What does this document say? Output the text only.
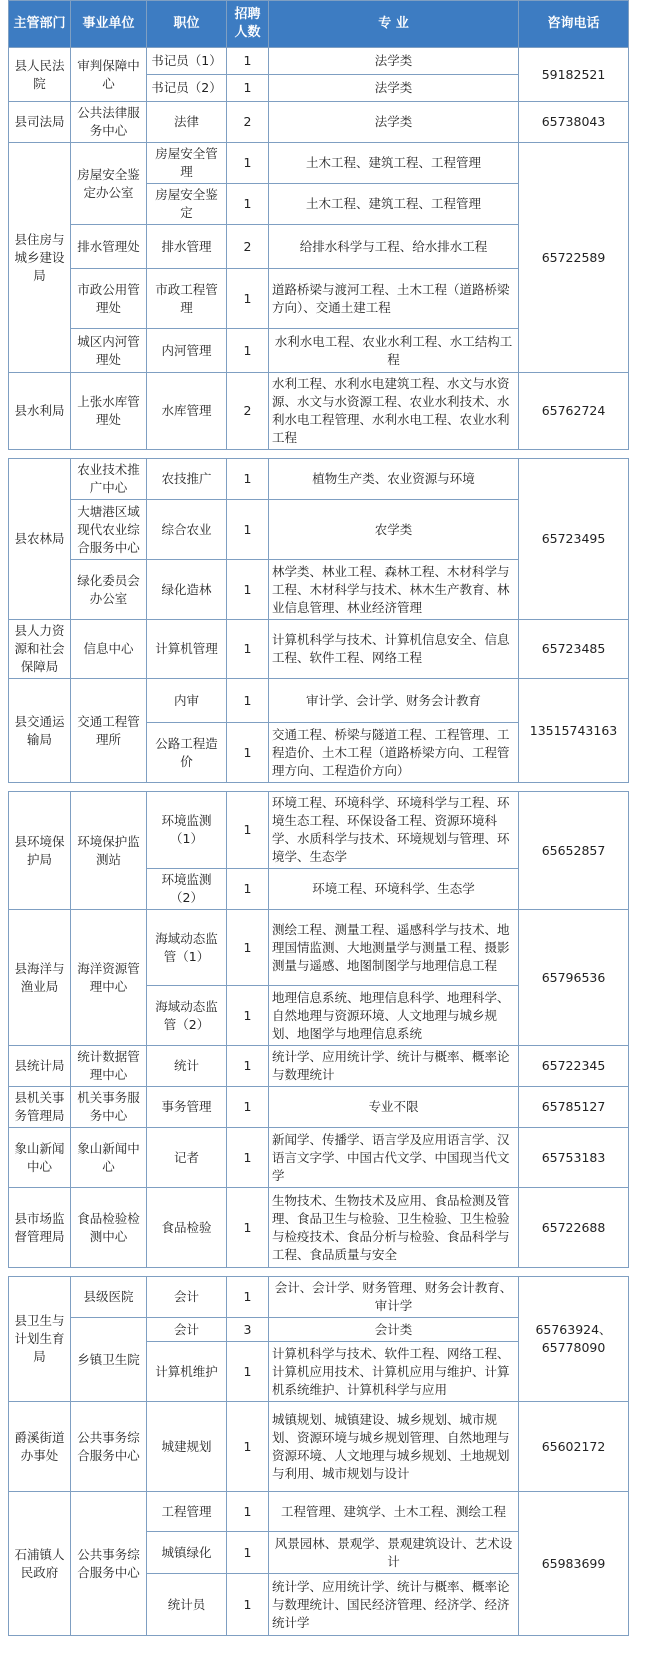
主管部门	事业单位	职位	招聘人数	专 业	咨询电话
县人民法院	审判保障中心	书记员（1）	1	法学类	59182521
		书记员（2）	1	法学类	
县司法局	公共法律服务中心	法律	2	法学类	65738043
县住房与城乡建设局	房屋安全鉴定办公室	房屋安全管理	1	土木工程、建筑工程、工程管理	65722589
		房屋安全鉴定	1	土木工程、建筑工程、工程管理	
	排水管理处	排水管理	2	给排水科学与工程、给水排水工程	
	市政公用管理处	市政工程管理	1	道路桥梁与渡河工程、土木工程（道路桥梁方向）、交通土建工程	
	城区内河管理处	内河管理	1	水利水电工程、农业水利工程、水工结构工程	
县水利局	上张水库管理处	水库管理	2	水利工程、水利水电建筑工程、水文与水资源、水文与水资源工程、农业水利技术、水利水电工程管理、水利水电工程、农业水利工程	65762724
县农林局	农业技术推广中心	农技推广	1	植物生产类、农业资源与环境	65723495
	大塘港区域现代农业综合服务中心	综合农业	1	农学类	
	绿化委员会办公室	绿化造林	1	林学类、林业工程、森林工程、木材科学与工程、木材科学与技术、林木生产教育、林业信息管理、林业经济管理	
县人力资源和社会保障局	信息中心	计算机管理	1	计算机科学与技术、计算机信息安全、信息工程、软件工程、网络工程	65723485
县交通运输局	交通工程管理所	内审	1	审计学、会计学、财务会计教育	13515743163
		公路工程造价	1	交通工程、桥梁与隧道工程、工程管理、工程造价、土木工程（道路桥梁方向、工程管理方向、工程造价方向）	
县环境保护局	环境保护监测站	环境监测（1）	1	环境工程、环境科学、环境科学与工程、环境生态工程、环保设备工程、资源环境科学、水质科学与技术、环境规划与管理、环境学、生态学	65652857
		环境监测（2）	1	环境工程、环境科学、生态学	
县海洋与渔业局	海洋资源管理中心	海域动态监管（1）	1	测绘工程、测量工程、遥感科学与技术、地理国情监测、大地测量学与测量工程、摄影测量与遥感、地图制图学与地理信息工程	65796536
		海域动态监管（2）	1	地理信息系统、地理信息科学、地理科学、自然地理与资源环境、人文地理与城乡规划、地图学与地理信息系统	
县统计局	统计数据管理中心	统计	1	统计学、应用统计学、统计与概率、概率论与数理统计	65722345
县机关事务管理局	机关事务服务中心	事务管理	1	专业不限	65785127
象山新闻中心	象山新闻中心	记者	1	新闻学、传播学、语言学及应用语言学、汉语言文字学、中国古代文学、中国现当代文学	65753183
县市场监督管理局	食品检验检测中心	食品检验	1	生物技术、生物技术及应用、食品检测及管理、食品卫生与检验、卫生检验、卫生检验与检疫技术、食品分析与检验、食品科学与工程、食品质量与安全	65722688
县卫生与计划生育局	县级医院	会计	1	会计、会计学、财务管理、财务会计教育、审计学	65763924、65778090
	乡镇卫生院	会计	3	会计类	
		计算机维护	1	计算机科学与技术、软件工程、网络工程、计算机应用技术、计算机应用与维护、计算机系统维护、计算机科学与应用	
爵溪街道办事处	公共事务综合服务中心	城建规划	1	城镇规划、城镇建设、城乡规划、城市规划、资源环境与城乡规划管理、自然地理与资源环境、人文地理与城乡规划、土地规划与利用、城市规划与设计	65602172
石浦镇人民政府	公共事务综合服务中心	工程管理	1	工程管理、建筑学、土木工程、测绘工程	65983699
		城镇绿化	1	风景园林、景观学、景观建筑设计、艺术设计	
		统计员	1	统计学、应用统计学、统计与概率、概率论与数理统计、国民经济管理、经济学、经济统计学	
